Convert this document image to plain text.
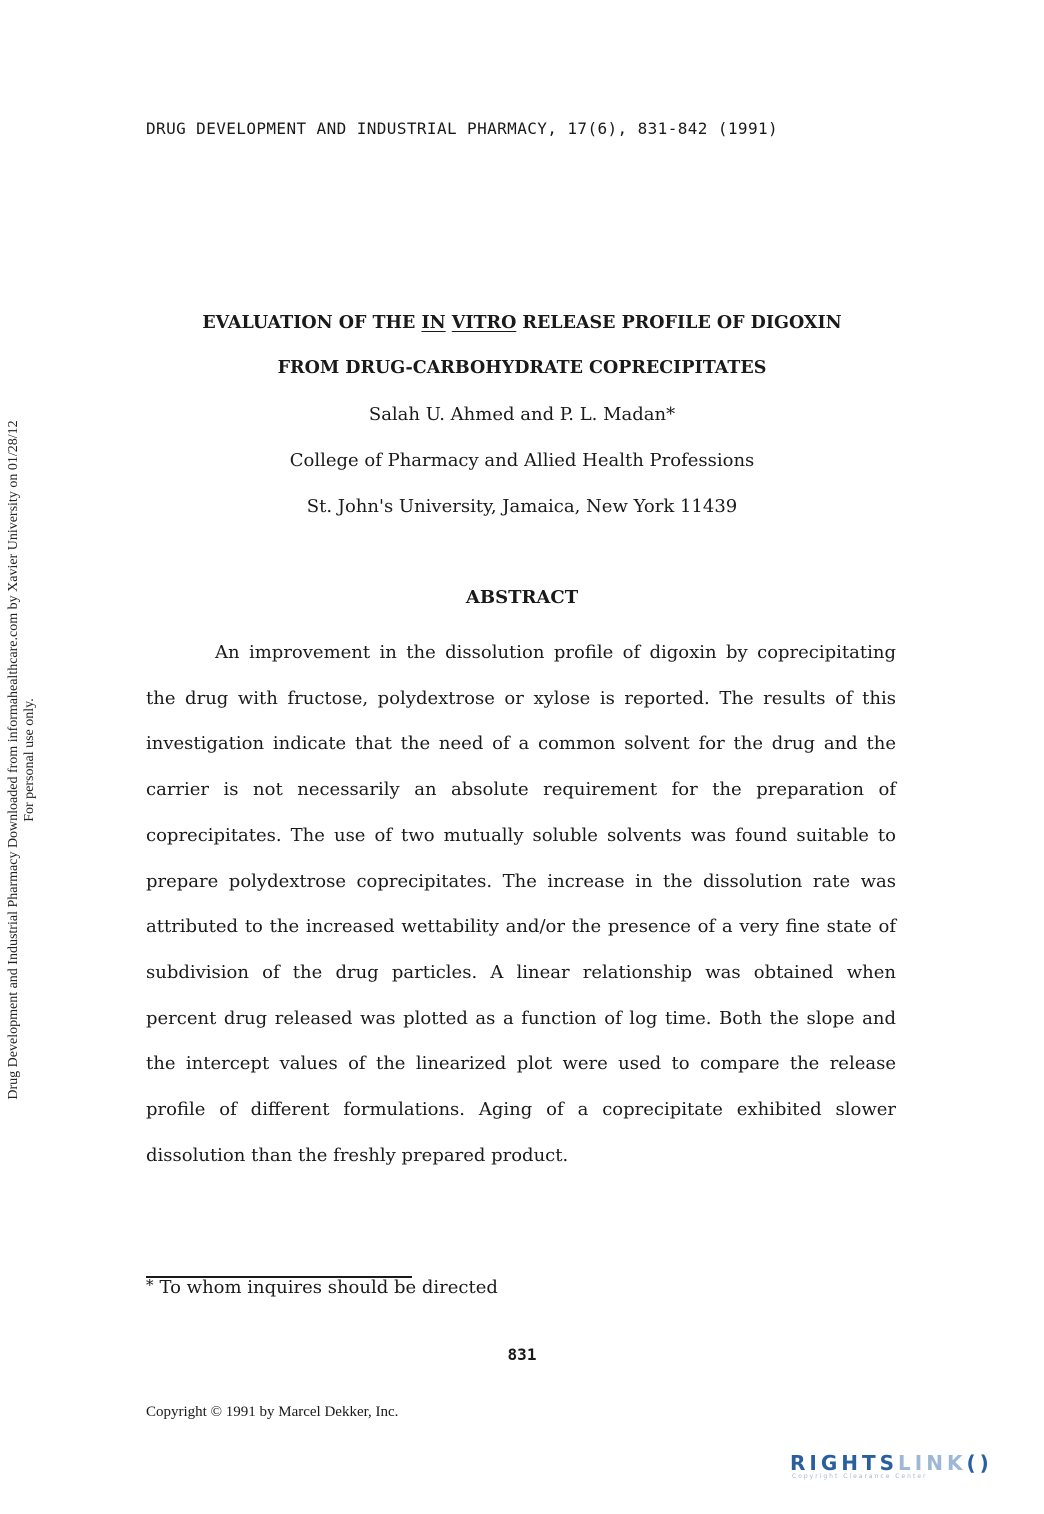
DRUG DEVELOPMENT AND INDUSTRIAL PHARMACY, 17(6), 831-842 (1991)
Drug Development and Industrial Pharmacy Downloaded from informahealthcare.com by Xavier University on 01/28/12 For personal use only.
EVALUATION OF THE IN VITRO RELEASE PROFILE OF DIGOXIN
FROM DRUG-CARBOHYDRATE COPRECIPITATES
Salah U. Ahmed and P. L. Madan*
College of Pharmacy and Allied Health Professions
St. John's University, Jamaica, New York 11439
ABSTRACT

An improvement in the dissolution profile of digoxin by coprecipitating the drug with fructose, polydextrose or xylose is reported. The results of this investigation indicate that the need of a common solvent for the drug and the carrier is not necessarily an absolute requirement for the preparation of coprecipitates. The use of two mutually soluble solvents was found suitable to prepare polydextrose coprecipitates. The increase in the dissolution rate was attributed to the increased wettability and/or the presence of a very fine state of subdivision of the drug particles. A linear relationship was obtained when percent drug released was plotted as a function of log time. Both the slope and the intercept values of the linearized plot were used to compare the release profile of different formulations. Aging of a coprecipitate exhibited slower dissolution than the freshly prepared product.

* To whom inquires should be directed
831
Copyright © 1991 by Marcel Dekker, Inc.
RIGHTSLINK()
Copyright Clearance Center
